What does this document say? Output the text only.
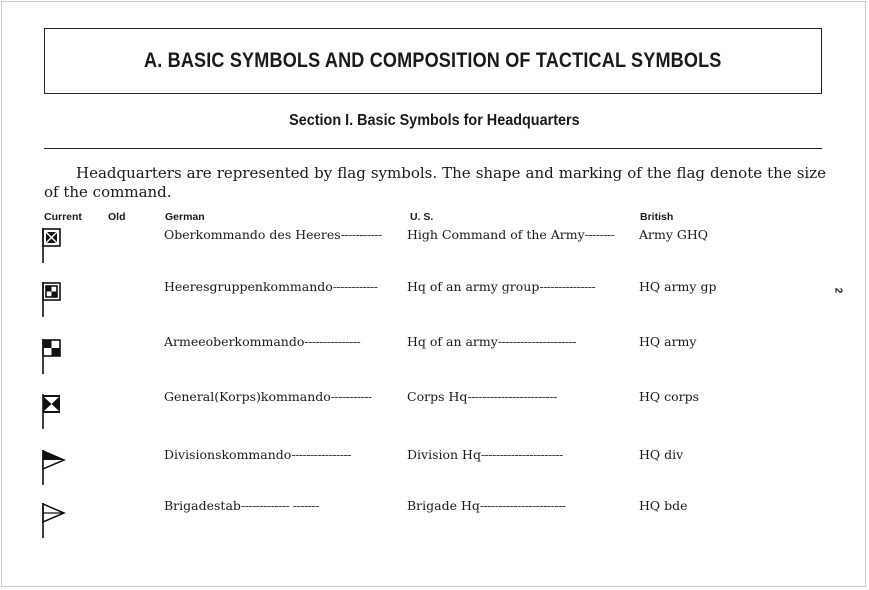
A. BASIC SYMBOLS AND COMPOSITION OF TACTICAL SYMBOLS
Section I. Basic Symbols for Headquarters
Headquarters are represented by flag symbols. The shape and marking of the flag denote the size of the command.
Current Old	German	U. S.	British
Oberkommando des Heeres----------- High Command of the Army-------- Army GHQ
Heeresgruppenkommando------------ Hq of an army group---------------	HQ army gp
Armeeoberkommando---------------	Hq of an army---------------------	HQ army
General(Korps)kommando-----------	Corps Hq------------------------	HQ corps
Divisionskommando----------------	Division Hq----------------------	HQ div
Brigadestab------------- -------	Brigade Hq-----------------------	HQ bde
2
